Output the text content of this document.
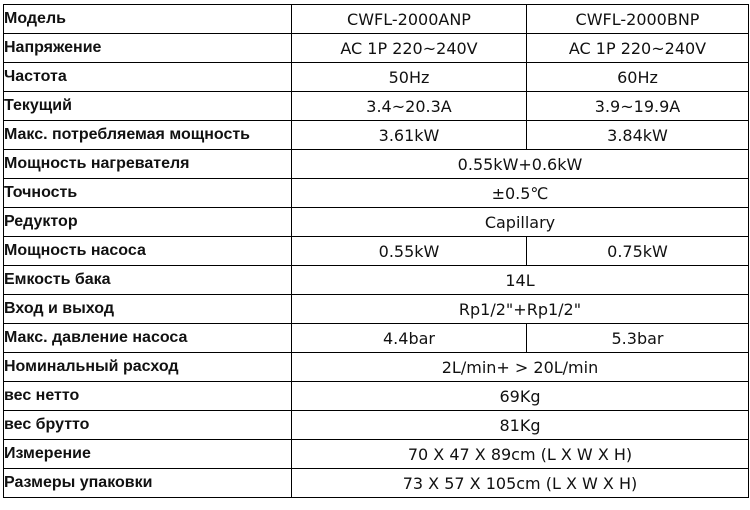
Модель	CWFL-2000ANP	CWFL-2000BNP
Напряжение	AC 1P 220~240V	AC 1P 220~240V
Частота	50Hz	60Hz
Текущий	3.4~20.3A	3.9~19.9A
Макс. потребляемая мощность	3.61kW	3.84kW
Мощность нагревателя	0.55kW+0.6kW	
Точность	±0.5℃	
Редуктор	Capillary	
Мощность насоса	0.55kW	0.75kW
Емкость бака	14L	
Вход и выход	Rp1/2"+Rp1/2"	
Макс. давление насоса	4.4bar	5.3bar
Номинальный расход	2L/min+ > 20L/min	
вес нетто	69Kg	
вес брутто	81Kg	
Измерение	70 X 47 X 89cm (L X W X H)	
Размеры упаковки	73 X 57 X 105cm (L X W X H)	
